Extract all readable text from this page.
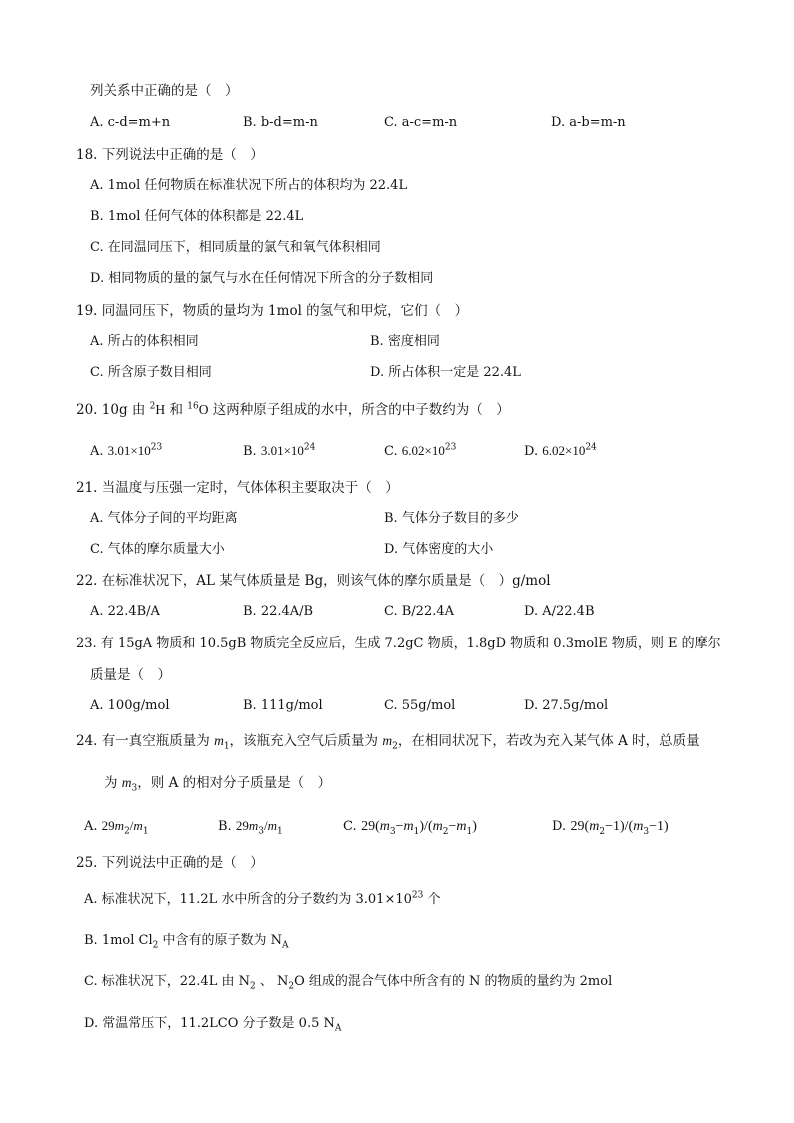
列关系中正确的是（　）
A. c-d=m+n	B. b-d=m-n	C. a-c=m-n	D. a-b=m-n
18. 下列说法中正确的是（　）
A. 1mol 任何物质在标准状况下所占的体积均为 22.4L
B. 1mol 任何气体的体积都是 22.4L
C. 在同温同压下，相同质量的氯气和氧气体积相同
D. 相同物质的量的氯气与水在任何情况下所含的分子数相同
19. 同温同压下，物质的量均为 1mol 的氢气和甲烷，它们（　）
A. 所占的体积相同	B. 密度相同
C. 所含原子数目相同	D. 所占体积一定是 22.4L
20. 10g 由 $^2$H 和 $^{16}$O 这两种原子组成的水中，所含的中子数约为（　）
A. $3.01\times 10^{23}$	B. $3.01\times 10^{24}$	C. $6.02\times 10^{23}$	D. $6.02\times 10^{24}$
21. 当温度与压强一定时，气体体积主要取决于（　）
A. 气体分子间的平均距离	B. 气体分子数目的多少
C. 气体的摩尔质量大小	D. 气体密度的大小
22. 在标准状况下，AL 某气体质量是 Bg，则该气体的摩尔质量是（　）g/mol
A. 22.4B/A	B. 22.4A/B	C. B/22.4A	D. A/22.4B
23. 有 15gA 物质和 10.5gB 物质完全反应后，生成 7.2gC 物质，1.8gD 物质和 0.3molE 物质，则 E 的摩尔
质量是（　）
A. 100g/mol	B. 111g/mol	C. 55g/mol	D. 27.5g/mol
24. 有一真空瓶质量为 $m_1$，该瓶充入空气后质量为 $m_2$，在相同状况下，若改为充入某气体 A 时，总质量
为 $m_3$，则 A 的相对分子质量是（　）
A. $29m_2/m_1$	B. $29m_3/m_1$	C. $29(m_3-m_1)/(m_2-m_1)$	D. $29(m_2-1)/(m_3-1)$
25. 下列说法中正确的是（　）
A. 标准状况下，11.2L 水中所含的分子数约为 $3.01\times 10^{23}$ 个
B. 1mol $Cl_2$ 中含有的原子数为 $N_A$
C. 标准状况下，22.4L 由 $N_2$ 、 $N_2O$ 组成的混合气体中所含有的 N 的物质的量约为 2mol
D. 常温常压下，11.2LCO 分子数是 0.5 $N_A$
